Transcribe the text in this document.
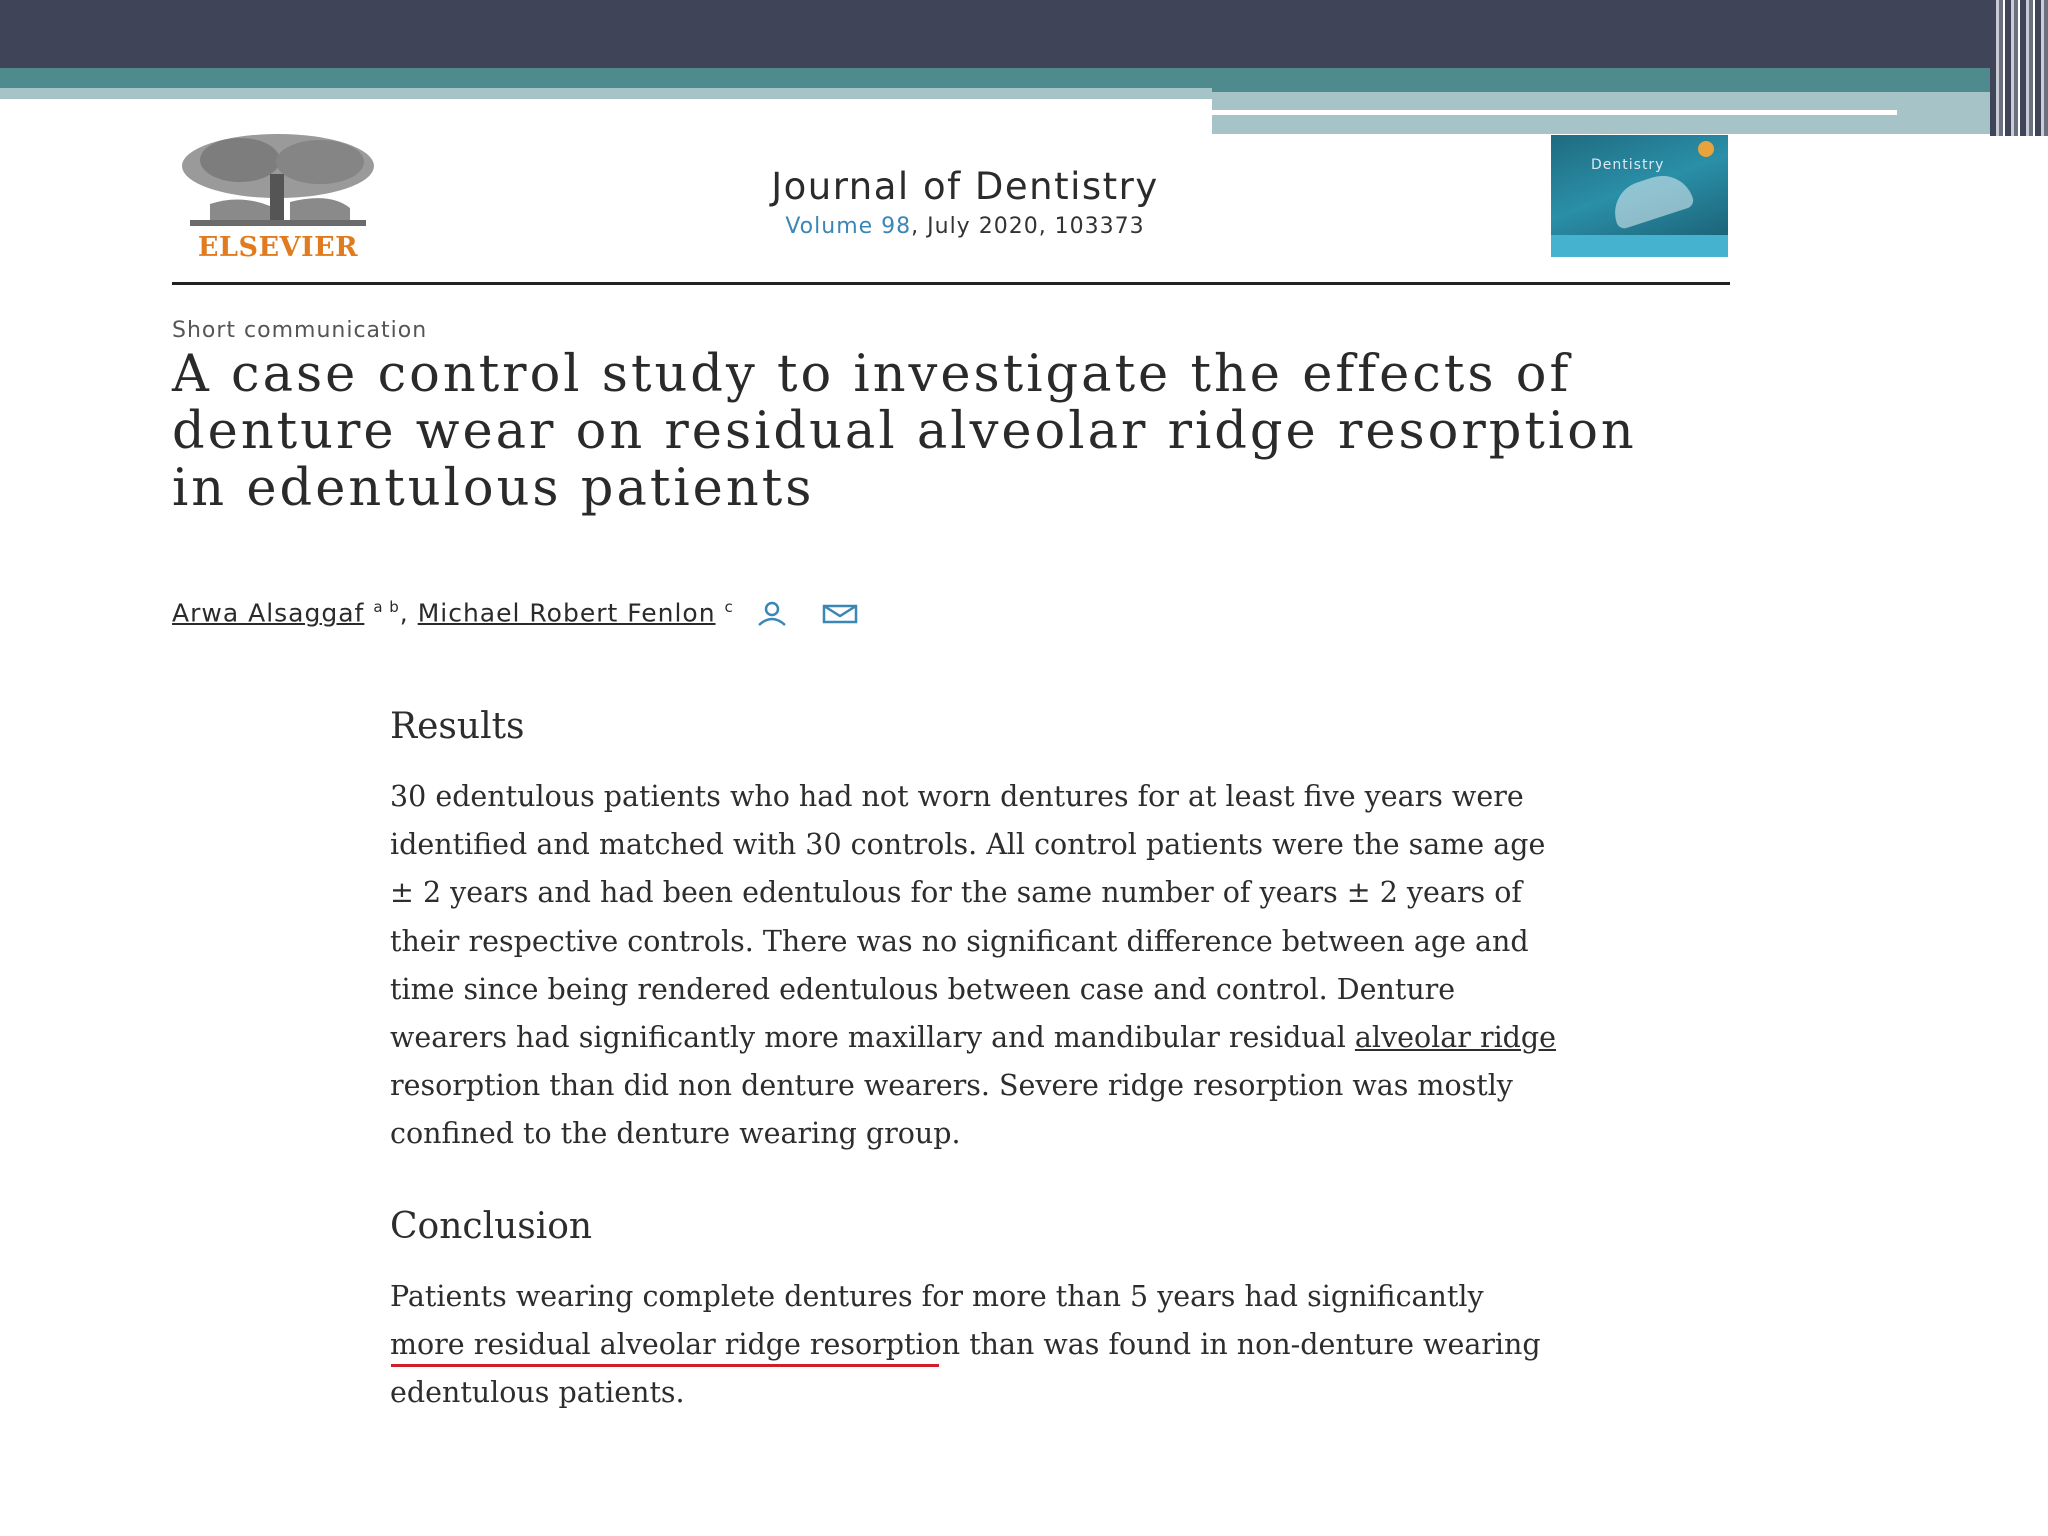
ELSEVIER
Journal of Dentistry
Volume 98, July 2020, 103373
Dentistry
Short communication
A case control study to investigate the effects of denture wear on residual alveolar ridge resorption in edentulous patients
Arwa Alsaggaf $^{a b}$, Michael Robert Fenlon $^c$
Results

30 edentulous patients who had not worn dentures for at least five years were identified and matched with 30 controls. All control patients were the same age ± 2 years and had been edentulous for the same number of years ± 2 years of their respective controls. There was no significant difference between age and time since being rendered edentulous between case and control. Denture wearers had significantly more maxillary and mandibular residual alveolar ridge resorption than did non denture wearers. Severe ridge resorption was mostly confined to the denture wearing group.

Conclusion

Patients wearing complete dentures for more than 5 years had significantly more residual alveolar ridge resorption than was found in non-denture wearing edentulous patients.
